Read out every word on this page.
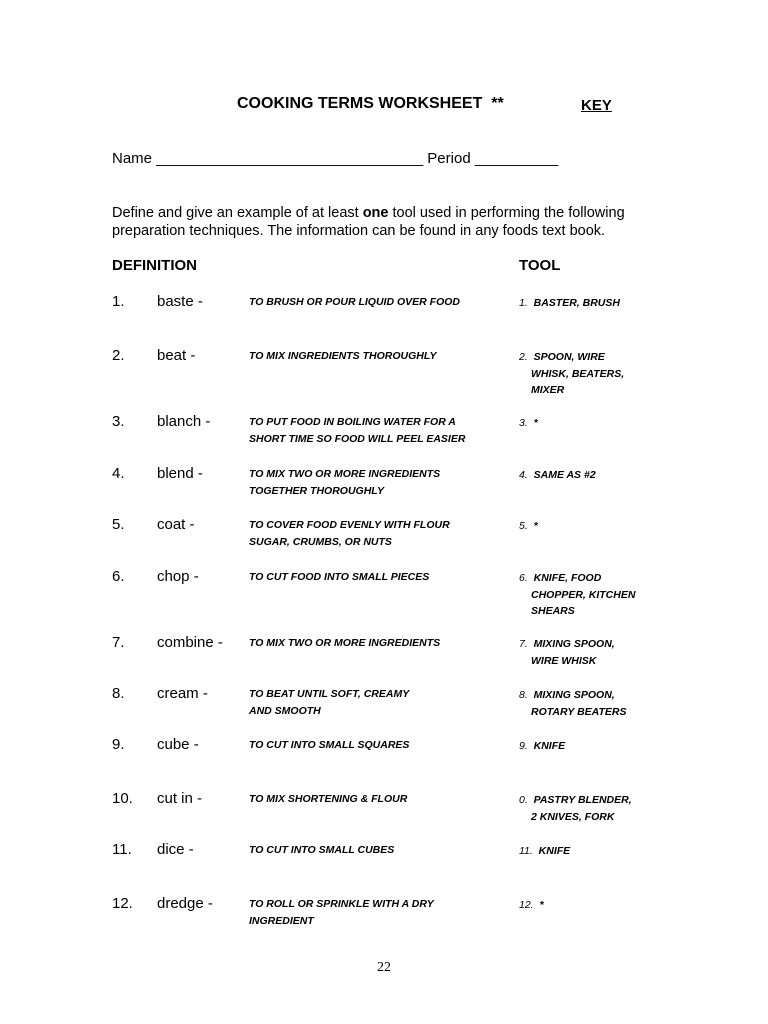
COOKING TERMS WORKSHEET  **	KEY
Name ________________________________ Period __________
Define and give an example of at least one tool used in performing the following
preparation techniques. The information can be found in any foods text book.
DEFINITION	TOOL
1. baste -	TO BRUSH OR POUR LIQUID OVER FOOD	1. BASTER, BRUSH
2. beat -	TO MIX INGREDIENTS THOROUGHLY	2. SPOON, WIRE
WHISK, BEATERS,
MIXER
3. blanch -	TO PUT FOOD IN BOILING WATER FOR A
SHORT TIME SO FOOD WILL PEEL EASIER
3. *
4. blend -	TO MIX TWO OR MORE INGREDIENTS
TOGETHER THOROUGHLY
4. SAME AS #2
5. coat -	TO COVER FOOD EVENLY WITH FLOUR
SUGAR, CRUMBS, OR NUTS
5. *
6. chop -	TO CUT FOOD INTO SMALL PIECES	6. KNIFE, FOOD
CHOPPER, KITCHEN
SHEARS
7. combine - TO MIX TWO OR MORE INGREDIENTS	7. MIXING SPOON,
WIRE WHISK
8. cream -	TO BEAT UNTIL SOFT, CREAMY
AND SMOOTH
8. MIXING SPOON,
ROTARY BEATERS
9. cube -	TO CUT INTO SMALL SQUARES	9. KNIFE
10. cut in -	TO MIX SHORTENING & FLOUR	0. PASTRY BLENDER,
2 KNIVES, FORK
11. dice -	TO CUT INTO SMALL CUBES	11. KNIFE
12. dredge -	TO ROLL OR SPRINKLE WITH A DRY
INGREDIENT
12. *
22
